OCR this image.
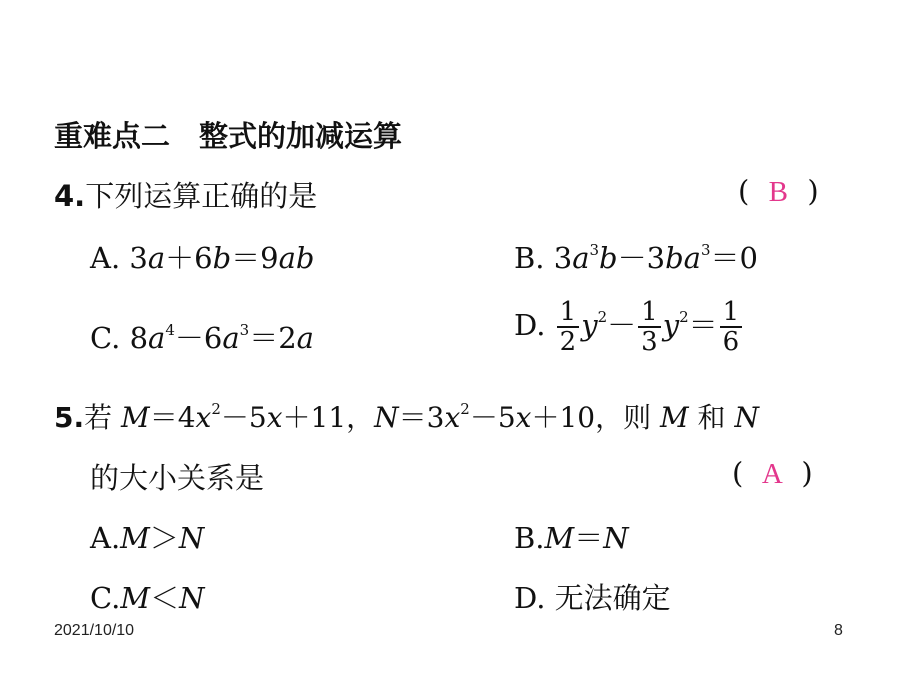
重难点二　整式的加减运算
4.下列运算正确的是	( B )
A. 3a＋6b＝9ab	B. $3a^3b-3ba^3=0$
C. $8a^4-6a^3=2a$	D. $\frac{1}{2} y^2- \frac{1}{3} y^2= \frac{1}{6}$
5.若 $M=4x^2-5x+11$，$N=3x^2-5x+10$，则 M 和 N
的大小关系是	( A )
A.M＞N	B.M＝N
C.M＜N	D. 无法确定
2021/10/10	8
